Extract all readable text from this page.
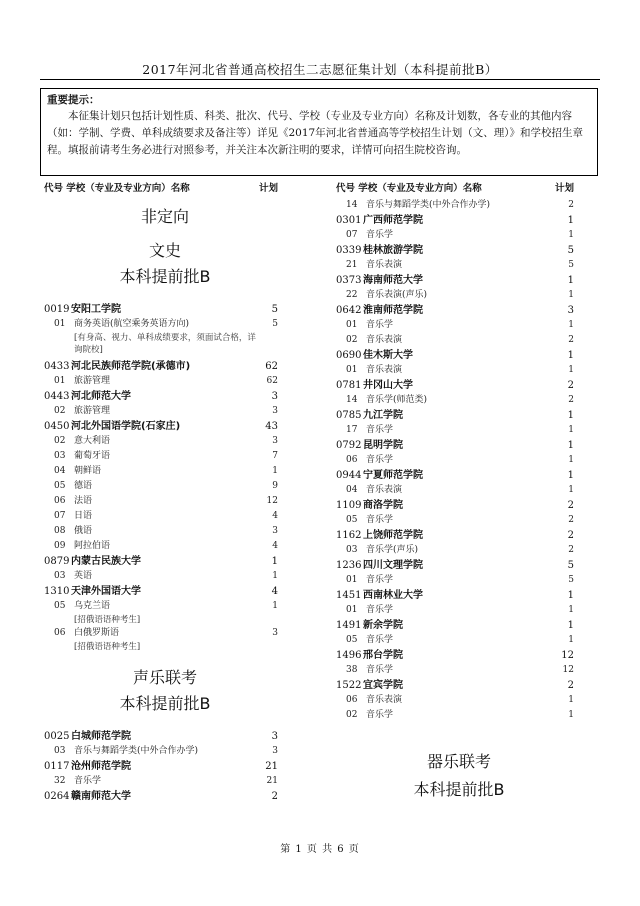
2017年河北省普通高校招生二志愿征集计划（本科提前批B）
重要提示：
本征集计划只包括计划性质、科类、批次、代号、学校（专业及专业方向）名称及计划数，各专业的其他内容（如：学制、学费、单科成绩要求及备注等）详见《2017年河北省普通高等学校招生计划（文、理）》和学校招生章程。填报前请考生务必进行对照参考，并关注本次新注明的要求，详情可向招生院校咨询。
代号 学校（专业及专业方向）名称	计划
非定向
文史
本科提前批B
0019 安阳工学院	5
01 商务英语(航空乘务英语方向)	5
[有身高、视力、单科成绩要求，须面试合格，详询院校]
0433 河北民族师范学院(承德市)	62
01 旅游管理	62
0443 河北师范大学	3
02 旅游管理	3
0450 河北外国语学院(石家庄)	43
02 意大利语	3
03 葡萄牙语	7
04 朝鲜语	1
05 德语	9
06 法语	12
07 日语	4
08 俄语	3
09 阿拉伯语	4
0879 内蒙古民族大学	1
03 英语	1
1310 天津外国语大学	4
05 乌克兰语	1
[招俄语语种考生]
06 白俄罗斯语	3
[招俄语语种考生]
声乐联考
本科提前批B
0025 白城师范学院	3
03 音乐与舞蹈学类(中外合作办学)	3
0117 沧州师范学院	21
32 音乐学	21
0264 赣南师范大学	2
代号 学校（专业及专业方向）名称	计划
14 音乐与舞蹈学类(中外合作办学)	2
0301 广西师范学院	1
07 音乐学	1
0339 桂林旅游学院	5
21 音乐表演	5
0373 海南师范大学	1
22 音乐表演(声乐)	1
0642 淮南师范学院	3
01 音乐学	1
02 音乐表演	2
0690 佳木斯大学	1
01 音乐表演	1
0781 井冈山大学	2
14 音乐学(师范类)	2
0785 九江学院	1
17 音乐学	1
0792 昆明学院	1
06 音乐学	1
0944 宁夏师范学院	1
04 音乐表演	1
1109 商洛学院	2
05 音乐学	2
1162 上饶师范学院	2
03 音乐学(声乐)	2
1236 四川文理学院	5
01 音乐学	5
1451 西南林业大学	1
01 音乐学	1
1491 新余学院	1
05 音乐学	1
1496 邢台学院	12
38 音乐学	12
1522 宜宾学院	2
06 音乐表演	1
02 音乐学	1
器乐联考
本科提前批B
第 1 页 共 6 页
